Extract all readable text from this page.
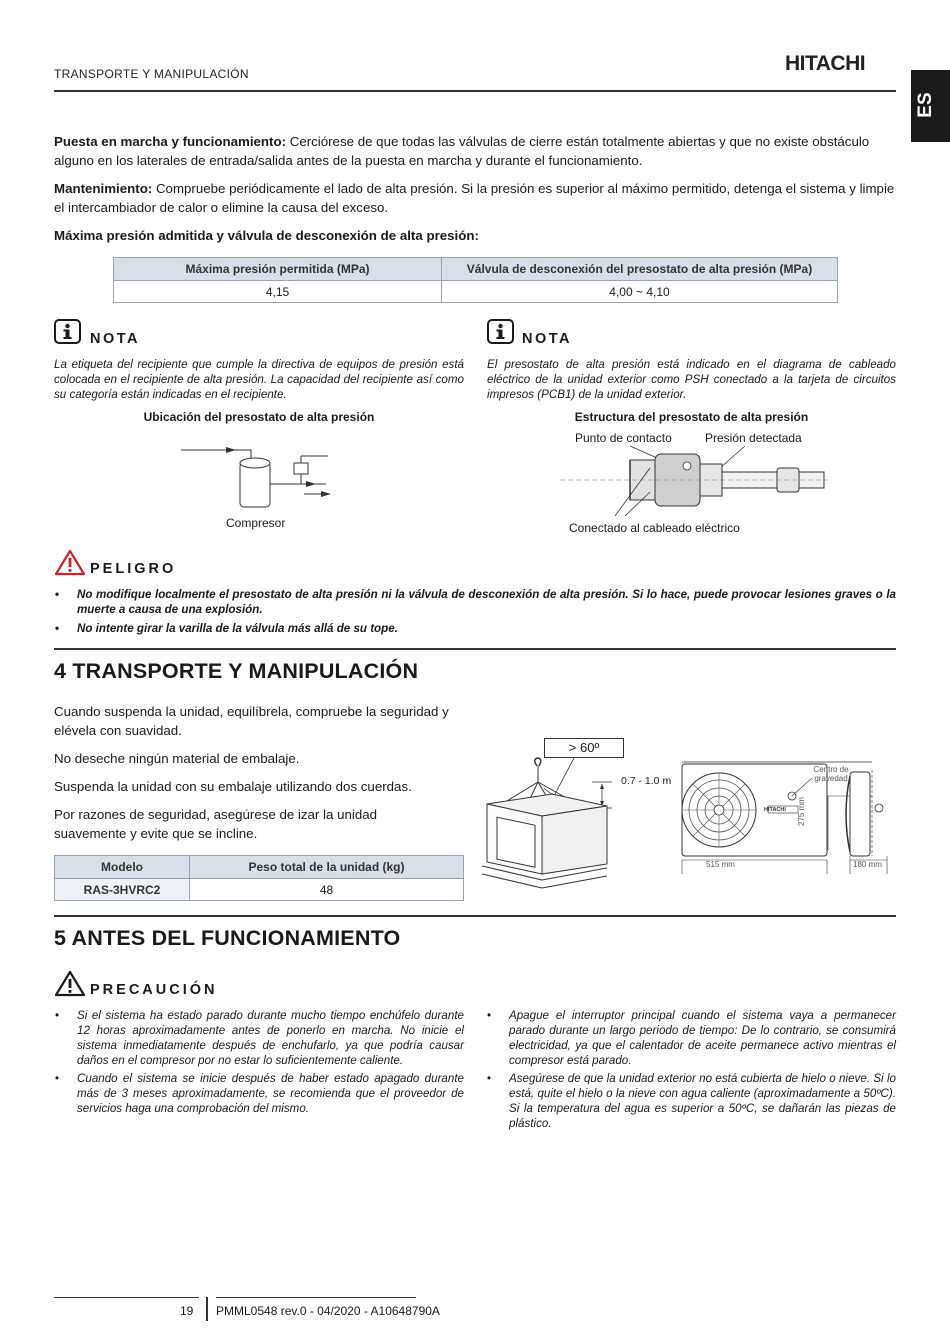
TRANSPORTE Y MANIPULACIÓN	HITACHI
ES

Puesta en marcha y funcionamiento: Cerciórese de que todas las válvulas de cierre están totalmente abiertas y que no existe obstáculo alguno en los laterales de entrada/salida antes de la puesta en marcha y durante el funcionamiento.

Mantenimiento: Compruebe periódicamente el lado de alta presión. Si la presión es superior al máximo permitido, detenga el sistema y limpie el intercambiador de calor o elimine la causa del exceso.

Máxima presión admitida y válvula de desconexión de alta presión:

Máxima presión permitida (MPa)	Válvula de desconexión del presostato de alta presión (MPa)
4,15	4,00 ~ 4,10
NOTA

La etiqueta del recipiente que cumple la directiva de equipos de presión está colocada en el recipiente de alta presión. La capacidad del recipiente así como su categoría están indicadas en el recipiente.

Ubicación del presostato de alta presión
Compresor
NOTA

El presostato de alta presión está indicado en el diagrama de cableado eléctrico de la unidad exterior como PSH conectado a la tarjeta de circuitos impresos (PCB1) de la unidad exterior.

Estructura del presostato de alta presión
Punto de contacto	Presión detectada
Conectado al cableado eléctrico
PELIGRO
• No modifique localmente el presostato de alta presión ni la válvula de desconexión de alta presión. Si lo hace, puede provocar lesiones graves o la muerte a causa de una explosión.
• No intente girar la varilla de la válvula más allá de su tope.
4 TRANSPORTE Y MANIPULACIÓN

Cuando suspenda la unidad, equilíbrela, compruebe la seguridad y elévela con suavidad.

No deseche ningún material de embalaje.

Suspenda la unidad con su embalaje utilizando dos cuerdas.

Por razones de seguridad, asegúrese de izar la unidad suavemente y evite que se incline.

Modelo	Peso total de la unidad (kg)
RAS-3HVRC2	48
> 60º
0.7 - 1.0 m
Centro de gravedad
HITACHI
515 mm	180 mm
275 mm
5 ANTES DEL FUNCIONAMIENTO
PRECAUCIÓN
• Si el sistema ha estado parado durante mucho tiempo enchúfelo durante 12 horas aproximadamente antes de ponerlo en marcha. No inicie el sistema inmediatamente después de enchufarlo, ya que podría causar daños en el compresor por no estar lo suficientemente caliente.
• Cuando el sistema se inicie después de haber estado apagado durante más de 3 meses aproximadamente, se recomienda que el proveedor de servicios haga una comprobación del mismo.
• Apague el interruptor principal cuando el sistema vaya a permanecer parado durante un largo periodo de tiempo: De lo contrario, se consumirá electricidad, ya que el calentador de aceite permanece activo mientras el compresor está parado.
• Asegúrese de que la unidad exterior no está cubierta de hielo o nieve. Si lo está, quite el hielo o la nieve con agua caliente (aproximadamente a 50ºC). Si la temperatura del agua es superior a 50ºC, se dañarán las piezas de plástico.
19 PMML0548 rev.0 - 04/2020 - A10648790A
